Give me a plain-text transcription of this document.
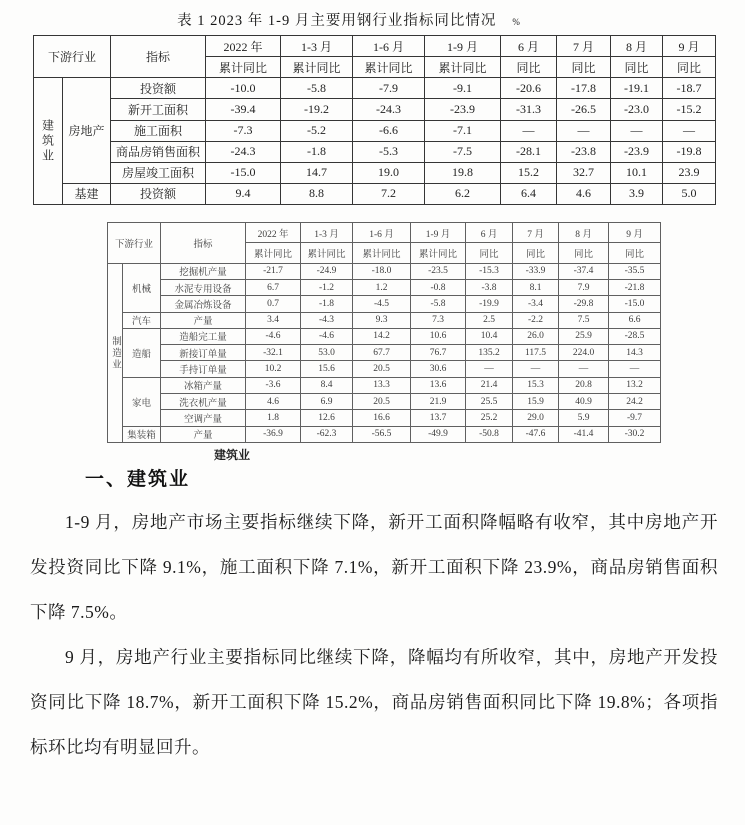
表 1 2023 年 1-9 月主要用钢行业指标同比情况 %
下游行业		指标	2022 年	1-3 月	1-6 月	1-9 月	6 月	7 月	8 月	9 月
			累计同比	累计同比	累计同比	累计同比	同比	同比	同比	同比
建筑业	房地产	投资额	-10.0	-5.8	-7.9	-9.1	-20.6	-17.8	-19.1	-18.7
		新开工面积	-39.4	-19.2	-24.3	-23.9	-31.3	-26.5	-23.0	-15.2
		施工面积	-7.3	-5.2	-6.6	-7.1	—	—	—	—
		商品房销售面积	-24.3	-1.8	-5.3	-7.5	-28.1	-23.8	-23.9	-19.8
		房屋竣工面积	-15.0	14.7	19.0	19.8	15.2	32.7	10.1	23.9
	基建	投资额	9.4	8.8	7.2	6.2	6.4	4.6	3.9	5.0
下游行业		指标	2022 年	1-3 月	1-6 月	1-9 月	6 月	7 月	8 月	9 月
			累计同比	累计同比	累计同比	累计同比	同比	同比	同比	同比
制造业	机械	挖掘机产量	-21.7	-24.9	-18.0	-23.5	-15.3	-33.9	-37.4	-35.5
		水泥专用设备	6.7	-1.2	1.2	-0.8	-3.8	8.1	7.9	-21.8
		金属冶炼设备	0.7	-1.8	-4.5	-5.8	-19.9	-3.4	-29.8	-15.0
	汽车	产量	3.4	-4.3	9.3	7.3	2.5	-2.2	7.5	6.6
	造船	造船完工量	-4.6	-4.6	14.2	10.6	10.4	26.0	25.9	-28.5
		新接订单量	-32.1	53.0	67.7	76.7	135.2	117.5	224.0	14.3
		手持订单量	10.2	15.6	20.5	30.6	—	—	—	—
	家电	冰箱产量	-3.6	8.4	13.3	13.6	21.4	15.3	20.8	13.2
		洗衣机产量	4.6	6.9	20.5	21.9	25.5	15.9	40.9	24.2
		空调产量	1.8	12.6	16.6	13.7	25.2	29.0	5.9	-9.7
	集装箱	产量	-36.9	-62.3	-56.5	-49.9	-50.8	-47.6	-41.4	-30.2
建筑业
一、建筑业

1-9 月，房地产市场主要指标继续下降，新开工面积降幅略有收窄，其中房地产开发投资同比下降 9.1%，施工面积下降 7.1%，新开工面积下降 23.9%，商品房销售面积下降 7.5%。

9 月，房地产行业主要指标同比继续下降，降幅均有所收窄，其中，房地产开发投资同比下降 18.7%，新开工面积下降 15.2%，商品房销售面积同比下降 19.8%；各项指标环比均有明显回升。
